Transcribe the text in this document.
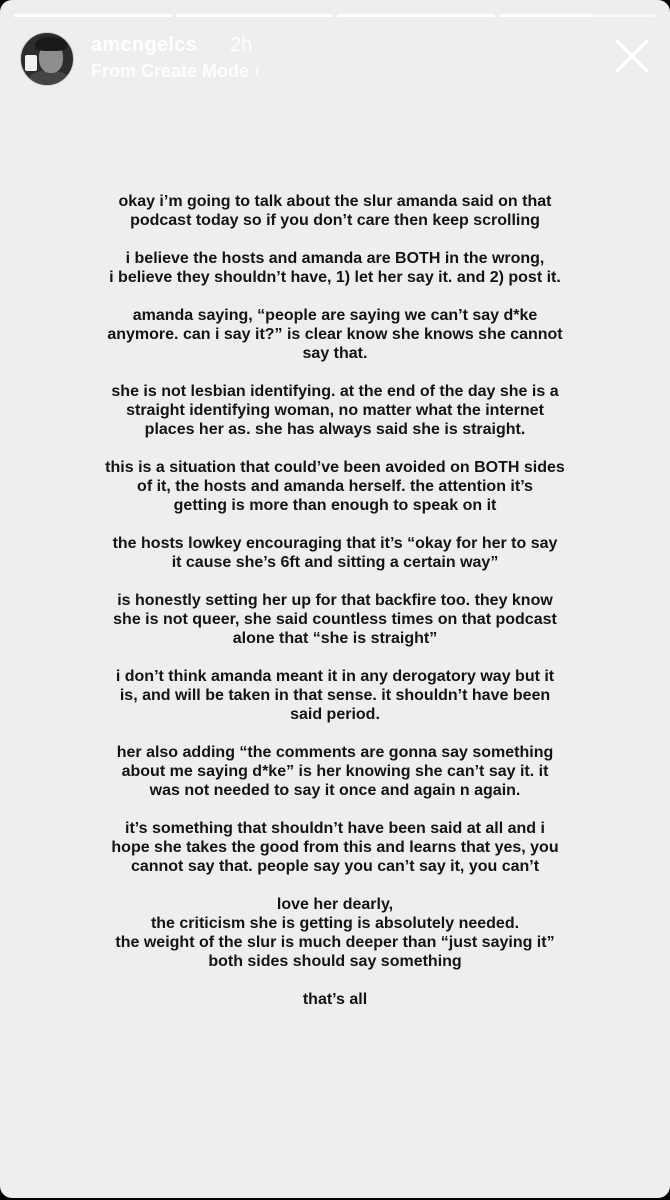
amcngelcs 2h
From Create Mode ›

okay i’m going to talk about the slur amanda said on that
podcast today so if you don’t care then keep scrolling

i believe the hosts and amanda are BOTH in the wrong,
i believe they shouldn’t have, 1) let her say it. and 2) post it.

amanda saying, “people are saying we can’t say d*ke
anymore. can i say it?” is clear know she knows she cannot
say that.

she is not lesbian identifying. at the end of the day she is a
straight identifying woman, no matter what the internet
places her as. she has always said she is straight.

this is a situation that could’ve been avoided on BOTH sides
of it, the hosts and amanda herself. the attention it’s
getting is more than enough to speak on it

the hosts lowkey encouraging that it’s “okay for her to say
it cause she’s 6ft and sitting a certain way”

is honestly setting her up for that backfire too. they know
she is not queer, she said countless times on that podcast
alone that “she is straight”

i don’t think amanda meant it in any derogatory way but it
is, and will be taken in that sense. it shouldn’t have been
said period.

her also adding “the comments are gonna say something
about me saying d*ke” is her knowing she can’t say it. it
was not needed to say it once and again n again.

it’s something that shouldn’t have been said at all and i
hope she takes the good from this and learns that yes, you
cannot say that. people say you can’t say it, you can’t

love her dearly,
the criticism she is getting is absolutely needed.
the weight of the slur is much deeper than “just saying it”
both sides should say something

that’s all
